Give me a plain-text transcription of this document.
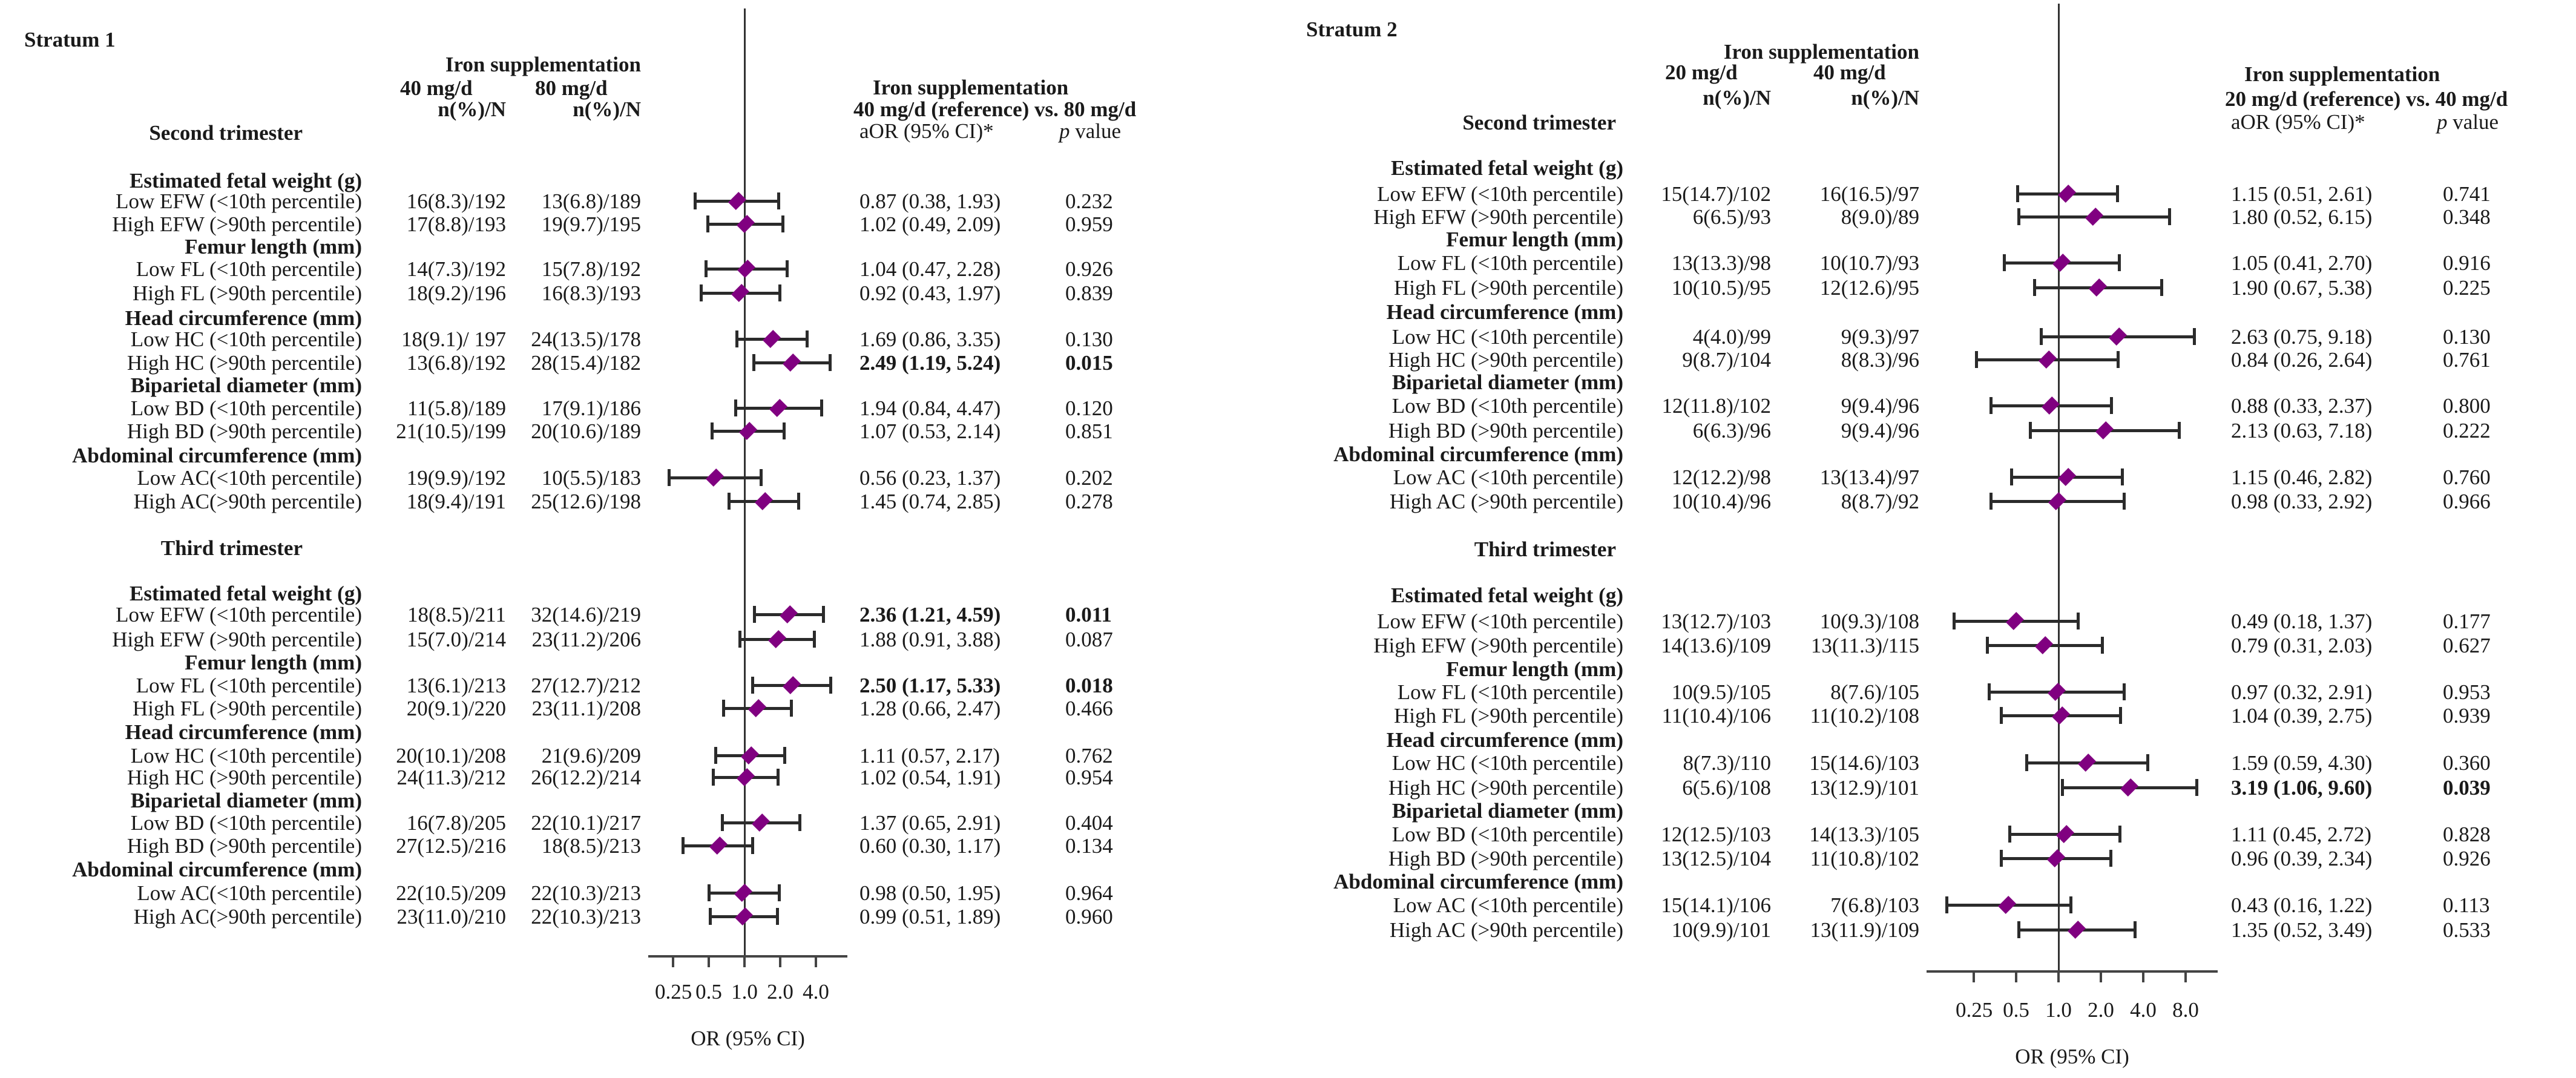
Stratum 1
Iron supplementation
40 mg/d	80 mg/d
n(%)/N	n(%)/N
Second trimester
Iron supplementation
40 mg/d (reference) vs. 80 mg/d
aOR (95% CI)*	p value
Estimated fetal weight (g)
Low EFW (<10th percentile) 16(8.3)/192 13(6.8)/189	0.87 (0.38, 1.93)	0.232
High EFW (>90th percentile) 17(8.8)/193 19(9.7)/195	1.02 (0.49, 2.09)	0.959
Femur length (mm)
Low FL (<10th percentile) 14(7.3)/192 15(7.8)/192	1.04 (0.47, 2.28)	0.926
High FL (>90th percentile) 18(9.2)/196 16(8.3)/193	0.92 (0.43, 1.97)	0.839
Head circumference (mm)
Low HC (<10th percentile) 18(9.1)/ 197 24(13.5)/178	1.69 (0.86, 3.35)	0.130
High HC (>90th percentile) 13(6.8)/192 28(15.4)/182	2.49 (1.19, 5.24)	0.015
Biparietal diameter (mm)
Low BD (<10th percentile) 11(5.8)/189 17(9.1)/186	1.94 (0.84, 4.47)	0.120
High BD (>90th percentile) 21(10.5)/199 20(10.6)/189	1.07 (0.53, 2.14)	0.851
Abdominal circumference (mm)
Low AC(<10th percentile) 19(9.9)/192 10(5.5)/183	0.56 (0.23, 1.37)	0.202
High AC(>90th percentile) 18(9.4)/191 25(12.6)/198	1.45 (0.74, 2.85)	0.278
Third trimester
Estimated fetal weight (g)
Low EFW (<10th percentile) 18(8.5)/211 32(14.6)/219	2.36 (1.21, 4.59)	0.011
High EFW (>90th percentile) 15(7.0)/214 23(11.2)/206	1.88 (0.91, 3.88)	0.087
Femur length (mm)
Low FL (<10th percentile) 13(6.1)/213 27(12.7)/212	2.50 (1.17, 5.33)	0.018
High FL (>90th percentile) 20(9.1)/220 23(11.1)/208	1.28 (0.66, 2.47)	0.466
Head circumference (mm)
Low HC (<10th percentile) 20(10.1)/208 21(9.6)/209	1.11 (0.57, 2.17)	0.762
High HC (>90th percentile) 24(11.3)/212 26(12.2)/214	1.02 (0.54, 1.91)	0.954
Biparietal diameter (mm)
Low BD (<10th percentile) 16(7.8)/205 22(10.1)/217	1.37 (0.65, 2.91)	0.404
High BD (>90th percentile) 27(12.5)/216 18(8.5)/213	0.60 (0.30, 1.17)	0.134
Abdominal circumference (mm)
Low AC(<10th percentile) 22(10.5)/209 22(10.3)/213	0.98 (0.50, 1.95)	0.964
High AC(>90th percentile) 23(11.0)/210 22(10.3)/213	0.99 (0.51, 1.89)	0.960
0.25 0.5 1.0 2.0 4.0
OR (95% CI)
Stratum 2
Iron supplementation
20 mg/d	40 mg/d
n(%)/N	n(%)/N
Second trimester
Iron supplementation
20 mg/d (reference) vs. 40 mg/d
aOR (95% CI)*	p value
Estimated fetal weight (g)
Low EFW (<10th percentile) 15(14.7)/102 16(16.5)/97	1.15 (0.51, 2.61)	0.741
High EFW (>90th percentile)	6(6.5)/93	8(9.0)/89	1.80 (0.52, 6.15)	0.348
Femur length (mm)
Low FL (<10th percentile) 13(13.3)/98 10(10.7)/93	1.05 (0.41, 2.70)	0.916
High FL (>90th percentile) 10(10.5)/95 12(12.6)/95	1.90 (0.67, 5.38)	0.225
Head circumference (mm)
Low HC (<10th percentile)	4(4.0)/99	9(9.3)/97	2.63 (0.75, 9.18)	0.130
High HC (>90th percentile)	9(8.7)/104	8(8.3)/96	0.84 (0.26, 2.64)	0.761
Biparietal diameter (mm)
Low BD (<10th percentile) 12(11.8)/102	9(9.4)/96	0.88 (0.33, 2.37)	0.800
High BD (>90th percentile)	6(6.3)/96	9(9.4)/96	2.13 (0.63, 7.18)	0.222
Abdominal circumference (mm)
Low AC (<10th percentile) 12(12.2)/98 13(13.4)/97	1.15 (0.46, 2.82)	0.760
High AC (>90th percentile) 10(10.4)/96	8(8.7)/92	0.98 (0.33, 2.92)	0.966
Third trimester
Estimated fetal weight (g)
Low EFW (<10th percentile) 13(12.7)/103 10(9.3)/108	0.49 (0.18, 1.37)	0.177
High EFW (>90th percentile) 14(13.6)/109 13(11.3)/115	0.79 (0.31, 2.03)	0.627
Femur length (mm)
Low FL (<10th percentile) 10(9.5)/105	8(7.6)/105	0.97 (0.32, 2.91)	0.953
High FL (>90th percentile) 11(10.4)/106 11(10.2)/108	1.04 (0.39, 2.75)	0.939
Head circumference (mm)
Low HC (<10th percentile)	8(7.3)/110 15(14.6)/103	1.59 (0.59, 4.30)	0.360
High HC (>90th percentile)	6(5.6)/108 13(12.9)/101	3.19 (1.06, 9.60)	0.039
Biparietal diameter (mm)
Low BD (<10th percentile) 12(12.5)/103 14(13.3)/105	1.11 (0.45, 2.72)	0.828
High BD (>90th percentile) 13(12.5)/104 11(10.8)/102	0.96 (0.39, 2.34)	0.926
Abdominal circumference (mm)
Low AC (<10th percentile) 15(14.1)/106	7(6.8)/103	0.43 (0.16, 1.22)	0.113
High AC (>90th percentile) 10(9.9)/101 13(11.9)/109	1.35 (0.52, 3.49)	0.533
0.25 0.5 1.0 2.0 4.0 8.0
OR (95% CI)
